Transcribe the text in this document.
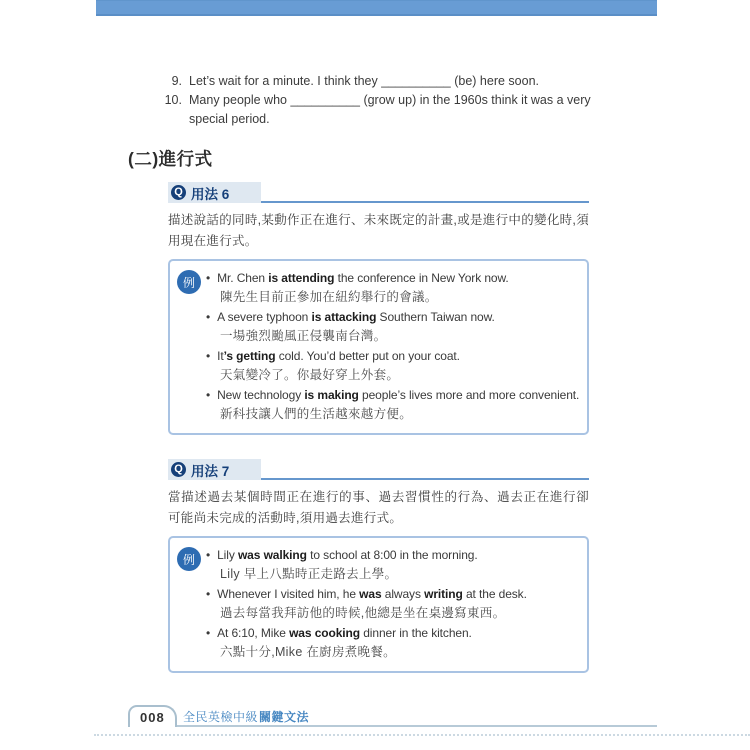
9. Let’s wait for a minute. I think they __________ (be) here soon.
10. Many people who __________ (grow up) in the 1960s think it was a very special period.
(二)進行式
Q 用法 6
描述說話的同時,某動作正在進行、未來既定的計畫,或是進行中的變化時,須用現在進行式。
例	• Mr. Chen is attending the conference in New York now.
陳先生目前正參加在紐約舉行的會議。
• A severe typhoon is attacking Southern Taiwan now.
一場強烈颱風正侵襲南台灣。
• It’s getting cold. You’d better put on your coat.
天氣變冷了。你最好穿上外套。
• New technology is making people’s lives more and more convenient.
新科技讓人們的生活越來越方便。
Q 用法 7
當描述過去某個時間正在進行的事、過去習慣性的行為、過去正在進行卻可能尚未完成的活動時,須用過去進行式。
例	• Lily was walking to school at 8:00 in the morning.
Lily 早上八點時正走路去上學。
• Whenever I visited him, he was always writing at the desk.
過去每當我拜訪他的時候,他總是坐在桌邊寫東西。
• At 6:10, Mike was cooking dinner in the kitchen.
六點十分,Mike 在廚房煮晚餐。
008	全民英檢中級 關鍵文法
